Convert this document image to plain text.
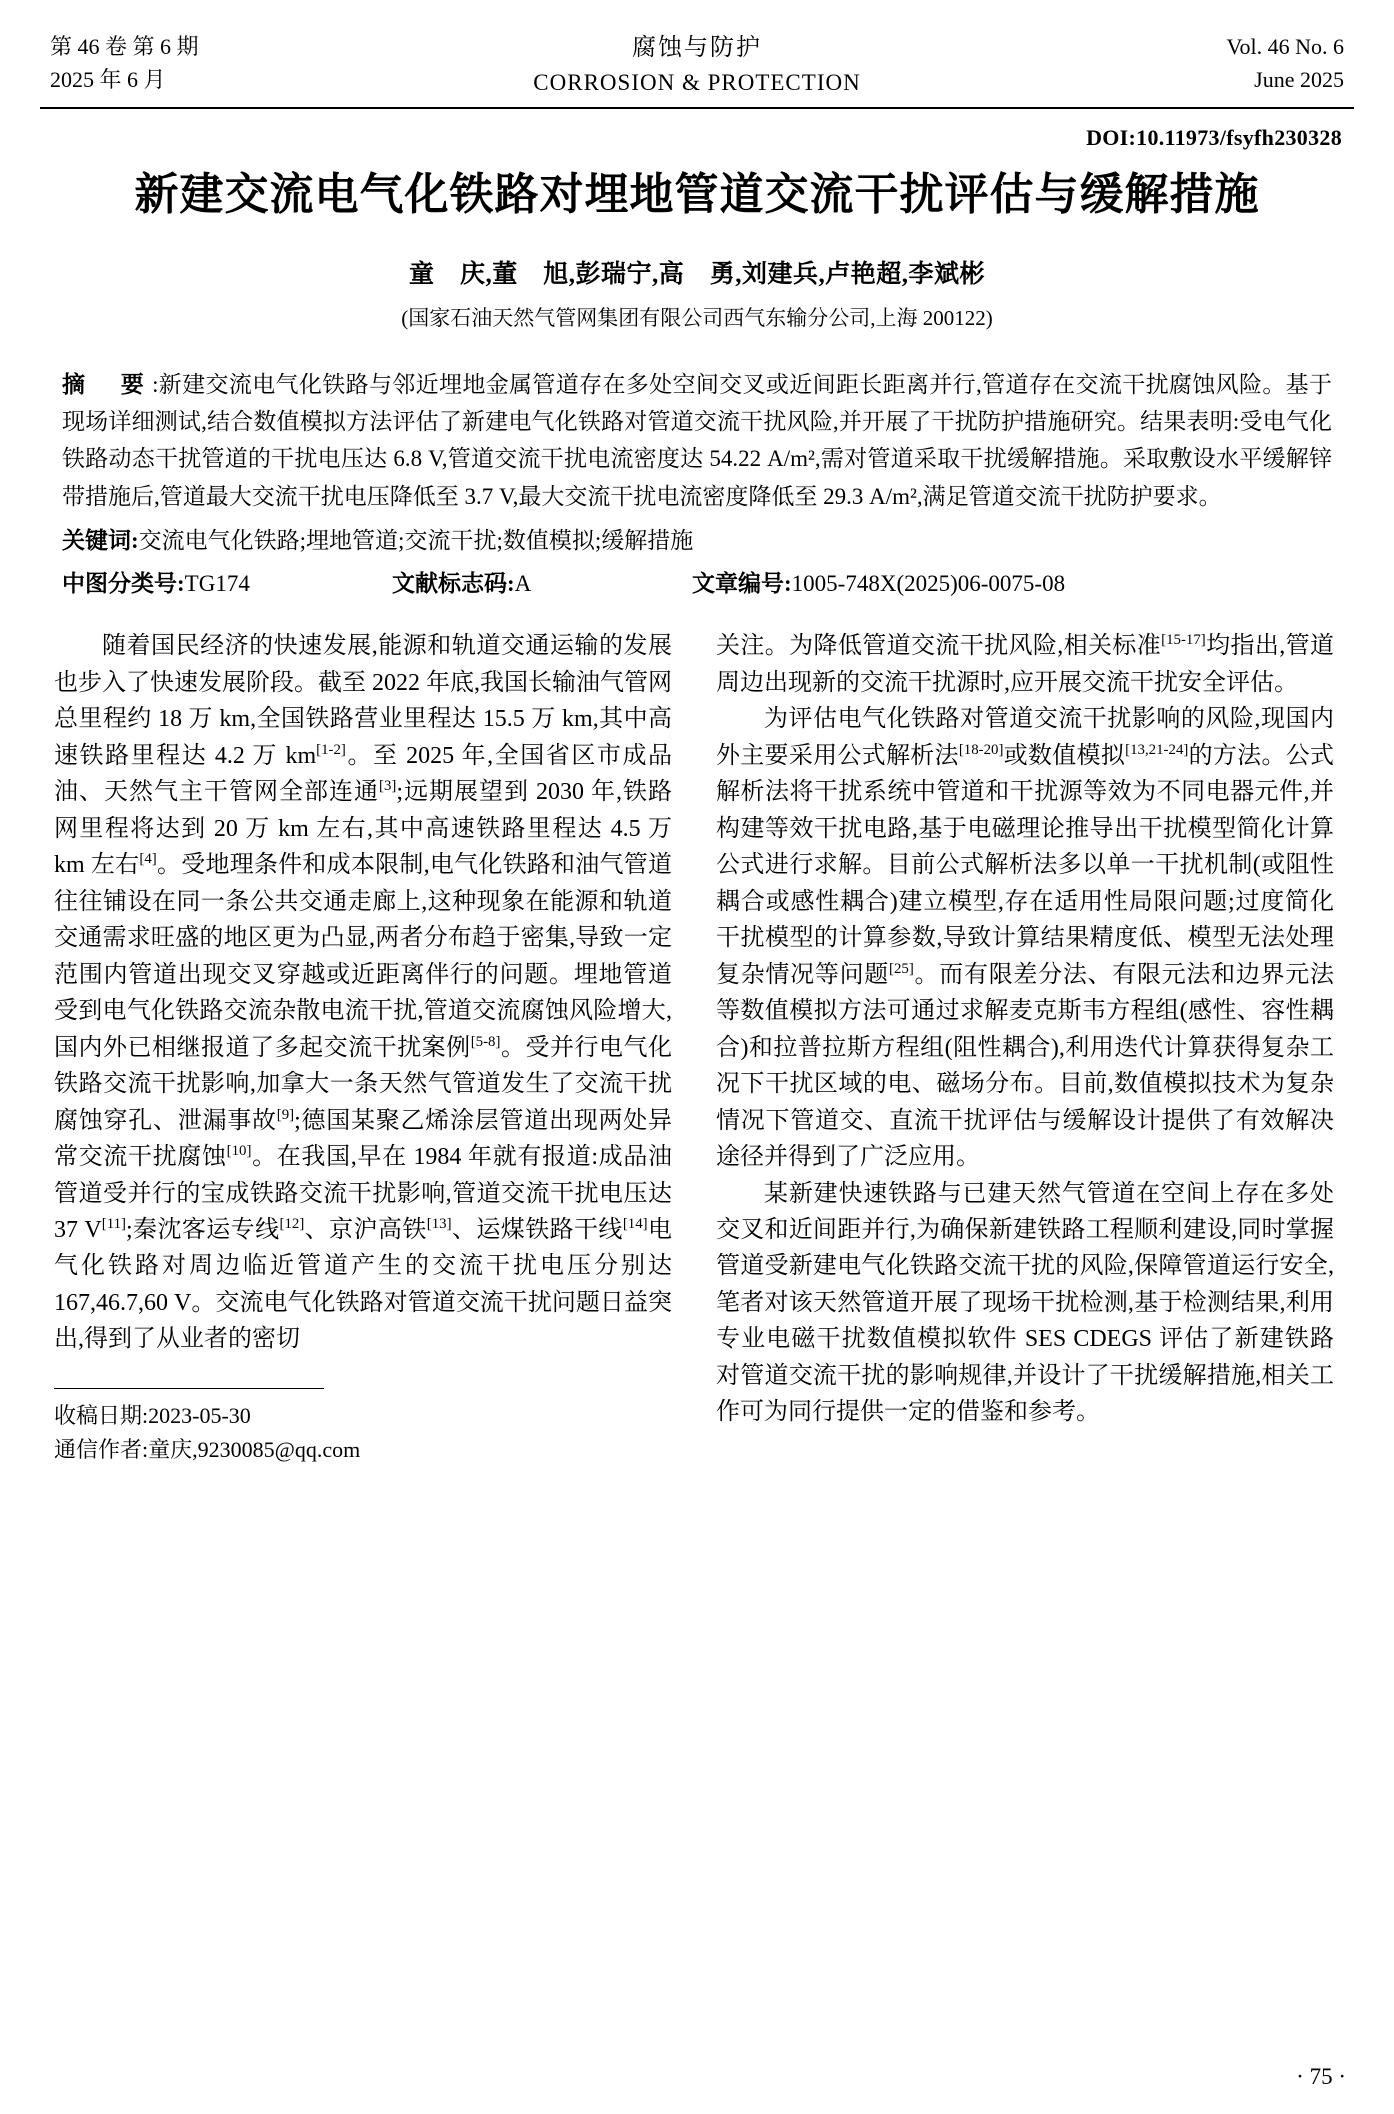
第 46 卷 第 6 期
2025 年 6 月
腐蚀与防护
CORROSION & PROTECTION
Vol. 46 No. 6
June 2025
DOI:10.11973/fsyfh230328
新建交流电气化铁路对埋地管道交流干扰评估与缓解措施
童　庆,董　旭,彭瑞宁,高　勇,刘建兵,卢艳超,李斌彬
(国家石油天然气管网集团有限公司西气东输分公司,上海 200122)
摘　要:新建交流电气化铁路与邻近埋地金属管道存在多处空间交叉或近间距长距离并行,管道存在交流干扰腐蚀风险。基于现场详细测试,结合数值模拟方法评估了新建电气化铁路对管道交流干扰风险,并开展了干扰防护措施研究。结果表明:受电气化铁路动态干扰管道的干扰电压达 6.8 V,管道交流干扰电流密度达 54.22 A/m²,需对管道采取干扰缓解措施。采取敷设水平缓解锌带措施后,管道最大交流干扰电压降低至 3.7 V,最大交流干扰电流密度降低至 29.3 A/m²,满足管道交流干扰防护要求。
关键词:交流电气化铁路;埋地管道;交流干扰;数值模拟;缓解措施
中图分类号:TG174	文献标志码:A	文章编号:1005-748X(2025)06-0075-08

随着国民经济的快速发展,能源和轨道交通运输的发展也步入了快速发展阶段。截至 2022 年底,我国长输油气管网总里程约 18 万 km,全国铁路营业里程达 15.5 万 km,其中高速铁路里程达 4.2 万 km[1-2]。至 2025 年,全国省区市成品油、天然气主干管网全部连通[3];远期展望到 2030 年,铁路网里程将达到 20 万 km 左右,其中高速铁路里程达 4.5 万 km 左右[4]。受地理条件和成本限制,电气化铁路和油气管道往往铺设在同一条公共交通走廊上,这种现象在能源和轨道交通需求旺盛的地区更为凸显,两者分布趋于密集,导致一定范围内管道出现交叉穿越或近距离伴行的问题。埋地管道受到电气化铁路交流杂散电流干扰,管道交流腐蚀风险增大,国内外已相继报道了多起交流干扰案例[5-8]。受并行电气化铁路交流干扰影响,加拿大一条天然气管道发生了交流干扰腐蚀穿孔、泄漏事故[9];德国某聚乙烯涂层管道出现两处异常交流干扰腐蚀[10]。在我国,早在 1984 年就有报道:成品油管道受并行的宝成铁路交流干扰影响,管道交流干扰电压达 37 V[11];秦沈客运专线[12]、京沪高铁[13]、运煤铁路干线[14]电气化铁路对周边临近管道产生的交流干扰电压分别达 167,46.7,60 V。交流电气化铁路对管道交流干扰问题日益突出,得到了从业者的密切

收稿日期:2023-05-30
通信作者:童庆,9230085@qq.com

关注。为降低管道交流干扰风险,相关标准[15-17]均指出,管道周边出现新的交流干扰源时,应开展交流干扰安全评估。

为评估电气化铁路对管道交流干扰影响的风险,现国内外主要采用公式解析法[18-20]或数值模拟[13,21-24]的方法。公式解析法将干扰系统中管道和干扰源等效为不同电器元件,并构建等效干扰电路,基于电磁理论推导出干扰模型简化计算公式进行求解。目前公式解析法多以单一干扰机制(或阻性耦合或感性耦合)建立模型,存在适用性局限问题;过度简化干扰模型的计算参数,导致计算结果精度低、模型无法处理复杂情况等问题[25]。而有限差分法、有限元法和边界元法等数值模拟方法可通过求解麦克斯韦方程组(感性、容性耦合)和拉普拉斯方程组(阻性耦合),利用迭代计算获得复杂工况下干扰区域的电、磁场分布。目前,数值模拟技术为复杂情况下管道交、直流干扰评估与缓解设计提供了有效解决途径并得到了广泛应用。

某新建快速铁路与已建天然气管道在空间上存在多处交叉和近间距并行,为确保新建铁路工程顺利建设,同时掌握管道受新建电气化铁路交流干扰的风险,保障管道运行安全,笔者对该天然管道开展了现场干扰检测,基于检测结果,利用专业电磁干扰数值模拟软件 SES CDEGS 评估了新建铁路对管道交流干扰的影响规律,并设计了干扰缓解措施,相关工作可为同行提供一定的借鉴和参考。

· 75 ·
